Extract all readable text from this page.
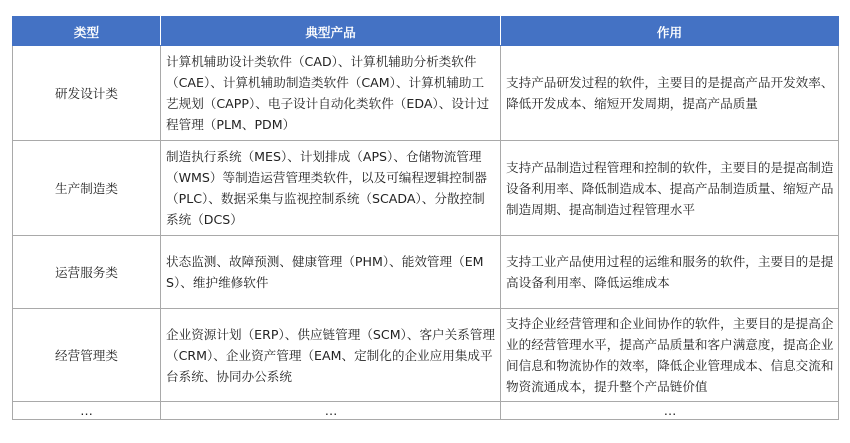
类型	典型产品	作用
研发设计类	计算机辅助设计类软件（CAD）、计算机辅助分析类软件（CAE）、计算机辅助制造类软件（CAM）、计算机辅助工艺规划（CAPP）、电子设计自动化类软件（EDA）、设计过程管理（PLM、PDM）	支持产品研发过程的软件，主要目的是提高产品开发效率、降低开发成本、缩短开发周期，提高产品质量
生产制造类	制造执行系统（MES）、计划排成（APS）、仓储物流管理（WMS）等制造运营管理类软件，以及可编程逻辑控制器（PLC）、数据采集与监视控制系统（SCADA）、分散控制系统（DCS）	支持产品制造过程管理和控制的软件，主要目的是提高制造设备利用率、降低制造成本、提高产品制造质量、缩短产品制造周期、提高制造过程管理水平
运营服务类	状态监测、故障预测、健康管理（PHM）、能效管理（EMS）、维护维修软件	支持工业产品使用过程的运维和服务的软件，主要目的是提高设备利用率、降低运维成本
经营管理类	企业资源计划（ERP）、供应链管理（SCM）、客户关系管理（CRM）、企业资产管理（EAM、定制化的企业应用集成平台系统、协同办公系统	支持企业经营管理和企业间协作的软件，主要目的是提高企业的经营管理水平，提高产品质量和客户满意度，提高企业间信息和物流协作的效率，降低企业管理成本、信息交流和物资流通成本，提升整个产品链价值
…	…	…
